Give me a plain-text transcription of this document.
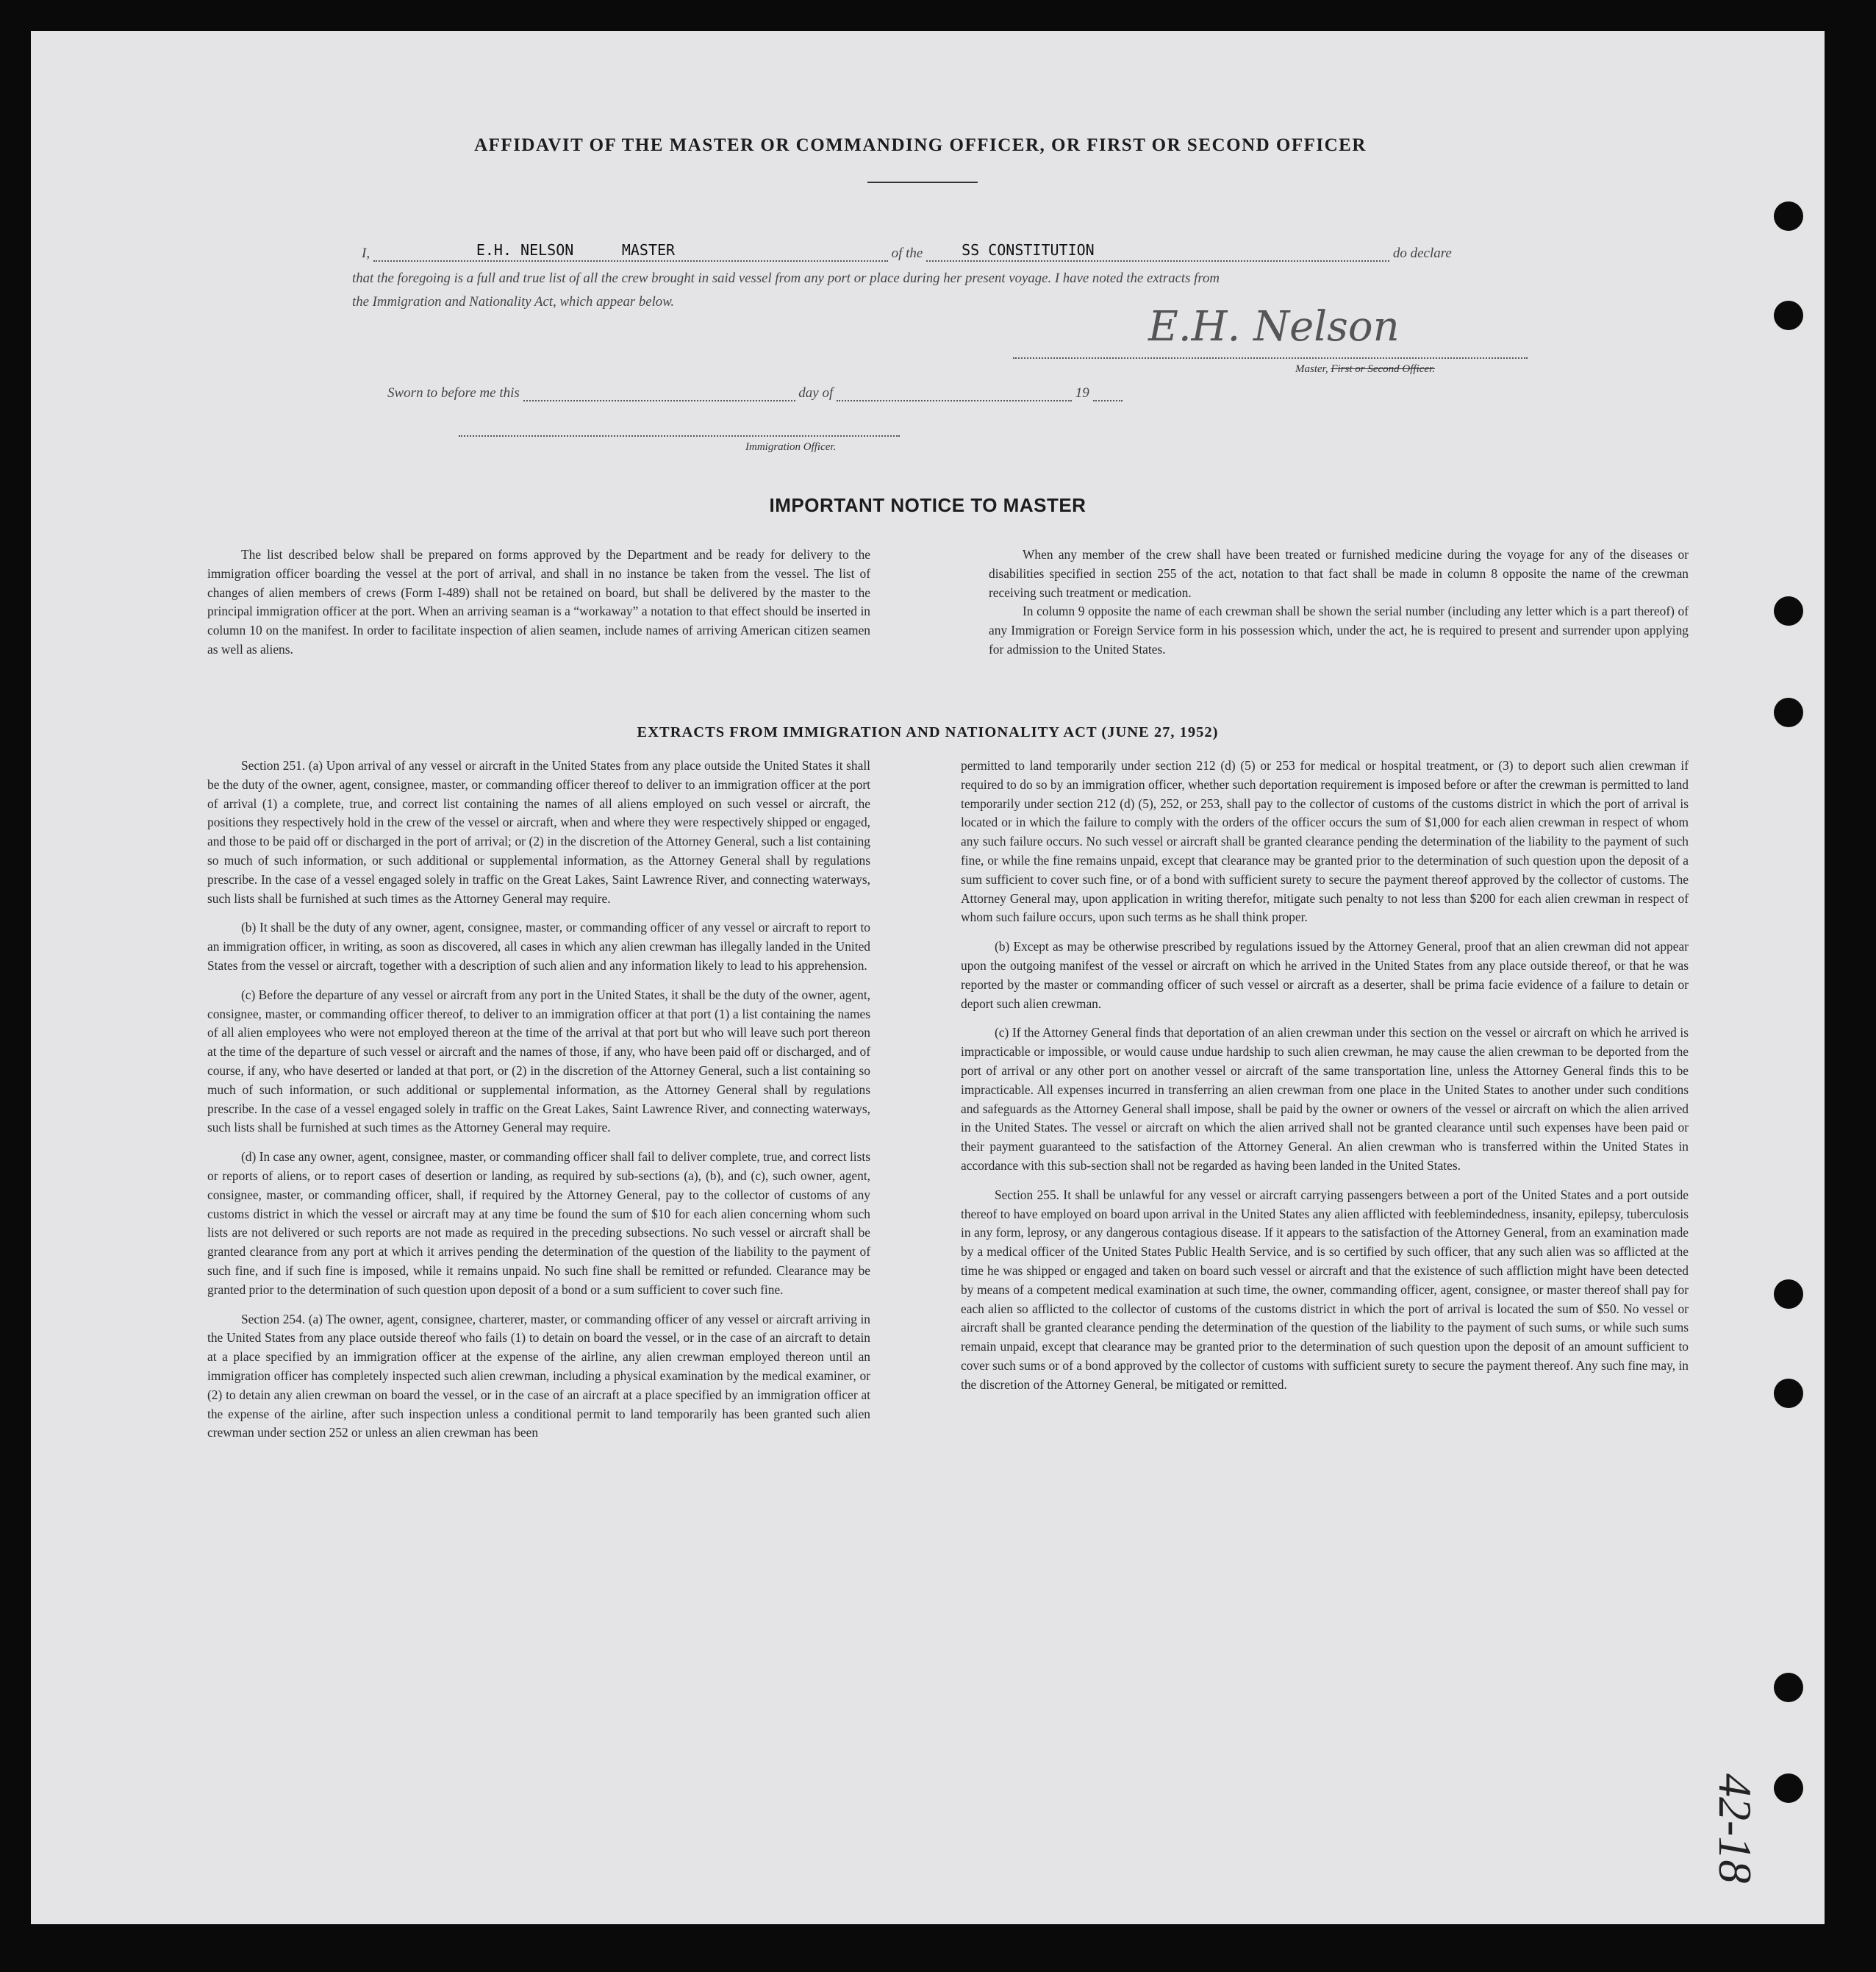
AFFIDAVIT OF THE MASTER OR COMMANDING OFFICER, OR FIRST OR SECOND OFFICER
I,	E.H. NELSON	MASTER	of the	SS CONSTITUTION	do declare
that the foregoing is a full and true list of all the crew brought in said vessel from any port or place during her present voyage. I have noted the extracts from
the Immigration and Nationality Act, which appear below.
E.H. Nelson
Master, First or Second Officer.
Sworn to before me this	day of	19
Immigration Officer.
IMPORTANT NOTICE TO MASTER

The list described below shall be prepared on forms approved by the Department and be ready for delivery to the immigration officer boarding the vessel at the port of arrival, and shall in no instance be taken from the vessel. The list of changes of alien members of crews (Form I-489) shall not be retained on board, but shall be delivered by the master to the principal immigration officer at the port. When an arriving seaman is a “workaway” a notation to that effect should be inserted in column 10 on the manifest. In order to facilitate inspection of alien seamen, include names of arriving American citizen seamen as well as aliens.

When any member of the crew shall have been treated or furnished medicine during the voyage for any of the diseases or disabilities specified in section 255 of the act, notation to that fact shall be made in column 8 opposite the name of the crewman receiving such treatment or medication.

In column 9 opposite the name of each crewman shall be shown the serial number (including any letter which is a part thereof) of any Immigration or Foreign Service form in his possession which, under the act, he is required to present and surrender upon applying for admission to the United States.

EXTRACTS FROM IMMIGRATION AND NATIONALITY ACT (JUNE 27, 1952)

Section 251. (a) Upon arrival of any vessel or aircraft in the United States from any place outside the United States it shall be the duty of the owner, agent, consignee, master, or commanding officer thereof to deliver to an immigration officer at the port of arrival (1) a complete, true, and correct list containing the names of all aliens employed on such vessel or aircraft, the positions they respectively hold in the crew of the vessel or aircraft, when and where they were respectively shipped or engaged, and those to be paid off or discharged in the port of arrival; or (2) in the discretion of the Attorney General, such a list containing so much of such information, or such additional or supplemental information, as the Attorney General shall by regulations prescribe. In the case of a vessel engaged solely in traffic on the Great Lakes, Saint Lawrence River, and connecting waterways, such lists shall be furnished at such times as the Attorney General may require.

(b) It shall be the duty of any owner, agent, consignee, master, or commanding officer of any vessel or aircraft to report to an immigration officer, in writing, as soon as discovered, all cases in which any alien crewman has illegally landed in the United States from the vessel or aircraft, together with a description of such alien and any information likely to lead to his apprehension.

(c) Before the departure of any vessel or aircraft from any port in the United States, it shall be the duty of the owner, agent, consignee, master, or commanding officer thereof, to deliver to an immigration officer at that port (1) a list containing the names of all alien employees who were not employed thereon at the time of the arrival at that port but who will leave such port thereon at the time of the departure of such vessel or aircraft and the names of those, if any, who have been paid off or discharged, and of course, if any, who have deserted or landed at that port, or (2) in the discretion of the Attorney General, such a list containing so much of such information, or such additional or supplemental information, as the Attorney General shall by regulations prescribe. In the case of a vessel engaged solely in traffic on the Great Lakes, Saint Lawrence River, and connecting waterways, such lists shall be furnished at such times as the Attorney General may require.

(d) In case any owner, agent, consignee, master, or commanding officer shall fail to deliver complete, true, and correct lists or reports of aliens, or to report cases of desertion or landing, as required by sub-sections (a), (b), and (c), such owner, agent, consignee, master, or commanding officer, shall, if required by the Attorney General, pay to the collector of customs of any customs district in which the vessel or aircraft may at any time be found the sum of $10 for each alien concerning whom such lists are not delivered or such reports are not made as required in the preceding subsections. No such vessel or aircraft shall be granted clearance from any port at which it arrives pending the determination of the question of the liability to the payment of such fine, and if such fine is imposed, while it remains unpaid. No such fine shall be remitted or refunded. Clearance may be granted prior to the determination of such question upon deposit of a bond or a sum sufficient to cover such fine.

Section 254. (a) The owner, agent, consignee, charterer, master, or commanding officer of any vessel or aircraft arriving in the United States from any place outside thereof who fails (1) to detain on board the vessel, or in the case of an aircraft to detain at a place specified by an immigration officer at the expense of the airline, any alien crewman employed thereon until an immigration officer has completely inspected such alien crewman, including a physical examination by the medical examiner, or (2) to detain any alien crewman on board the vessel, or in the case of an aircraft at a place specified by an immigration officer at the expense of the airline, after such inspection unless a conditional permit to land temporarily has been granted such alien crewman under section 252 or unless an alien crewman has been

permitted to land temporarily under section 212 (d) (5) or 253 for medical or hospital treatment, or (3) to deport such alien crewman if required to do so by an immigration officer, whether such deportation requirement is imposed before or after the crewman is permitted to land temporarily under section 212 (d) (5), 252, or 253, shall pay to the collector of customs of the customs district in which the port of arrival is located or in which the failure to comply with the orders of the officer occurs the sum of $1,000 for each alien crewman in respect of whom any such failure occurs. No such vessel or aircraft shall be granted clearance pending the determination of the liability to the payment of such fine, or while the fine remains unpaid, except that clearance may be granted prior to the determination of such question upon the deposit of a sum sufficient to cover such fine, or of a bond with sufficient surety to secure the payment thereof approved by the collector of customs. The Attorney General may, upon application in writing therefor, mitigate such penalty to not less than $200 for each alien crewman in respect of whom such failure occurs, upon such terms as he shall think proper.

(b) Except as may be otherwise prescribed by regulations issued by the Attorney General, proof that an alien crewman did not appear upon the outgoing manifest of the vessel or aircraft on which he arrived in the United States from any place outside thereof, or that he was reported by the master or commanding officer of such vessel or aircraft as a deserter, shall be prima facie evidence of a failure to detain or deport such alien crewman.

(c) If the Attorney General finds that deportation of an alien crewman under this section on the vessel or aircraft on which he arrived is impracticable or impossible, or would cause undue hardship to such alien crewman, he may cause the alien crewman to be deported from the port of arrival or any other port on another vessel or aircraft of the same transportation line, unless the Attorney General finds this to be impracticable. All expenses incurred in transferring an alien crewman from one place in the United States to another under such conditions and safeguards as the Attorney General shall impose, shall be paid by the owner or owners of the vessel or aircraft on which the alien arrived in the United States. The vessel or aircraft on which the alien arrived shall not be granted clearance until such expenses have been paid or their payment guaranteed to the satisfaction of the Attorney General. An alien crewman who is transferred within the United States in accordance with this sub-section shall not be regarded as having been landed in the United States.

Section 255. It shall be unlawful for any vessel or aircraft carrying passengers between a port of the United States and a port outside thereof to have employed on board upon arrival in the United States any alien afflicted with feeblemindedness, insanity, epilepsy, tuberculosis in any form, leprosy, or any dangerous contagious disease. If it appears to the satisfaction of the Attorney General, from an examination made by a medical officer of the United States Public Health Service, and is so certified by such officer, that any such alien was so afflicted at the time he was shipped or engaged and taken on board such vessel or aircraft and that the existence of such affliction might have been detected by means of a competent medical examination at such time, the owner, commanding officer, agent, consignee, or master thereof shall pay for each alien so afflicted to the collector of customs of the customs district in which the port of arrival is located the sum of $50. No vessel or aircraft shall be granted clearance pending the determination of the question of the liability to the payment of such sums, or while such sums remain unpaid, except that clearance may be granted prior to the determination of such question upon the deposit of an amount sufficient to cover such sums or of a bond approved by the collector of customs with sufficient surety to secure the payment thereof. Any such fine may, in the discretion of the Attorney General, be mitigated or remitted.

42-18
